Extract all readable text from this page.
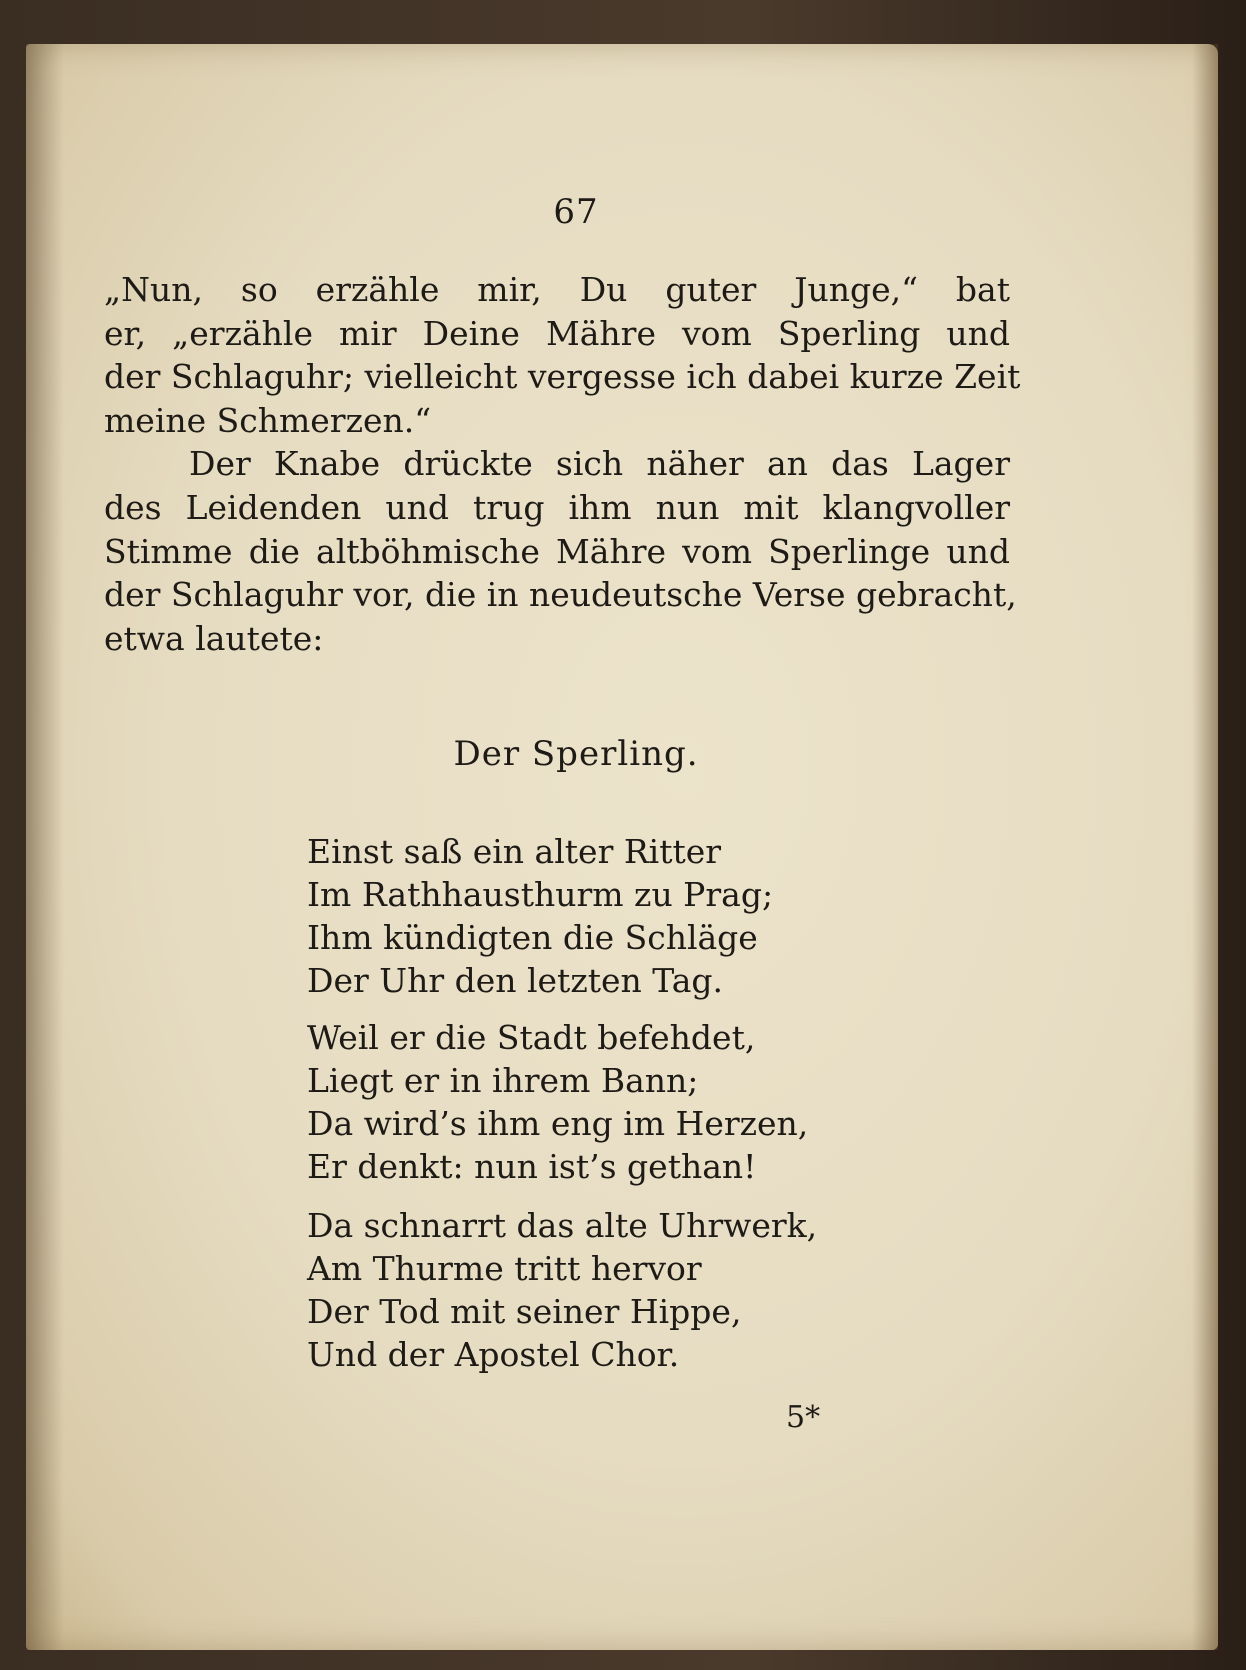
67
„Nun, so erzähle mir, Du guter Junge,“ bat
er, „erzähle mir Deine Mähre vom Sperling und
der Schlaguhr; vielleicht vergesse ich dabei kurze Zeit
meine Schmerzen.“
Der Knabe drückte sich näher an das Lager
des Leidenden und trug ihm nun mit klangvoller
Stimme die altböhmische Mähre vom Sperlinge und
der Schlaguhr vor, die in neudeutsche Verse gebracht,
etwa lautete:
Der Sperling.
Einst saß ein alter Ritter
Im Rathhausthurm zu Prag;
Ihm kündigten die Schläge
Der Uhr den letzten Tag.
Weil er die Stadt befehdet,
Liegt er in ihrem Bann;
Da wird’s ihm eng im Herzen,
Er denkt: nun ist’s gethan!
Da schnarrt das alte Uhrwerk,
Am Thurme tritt hervor
Der Tod mit seiner Hippe,
Und der Apostel Chor.
5*
